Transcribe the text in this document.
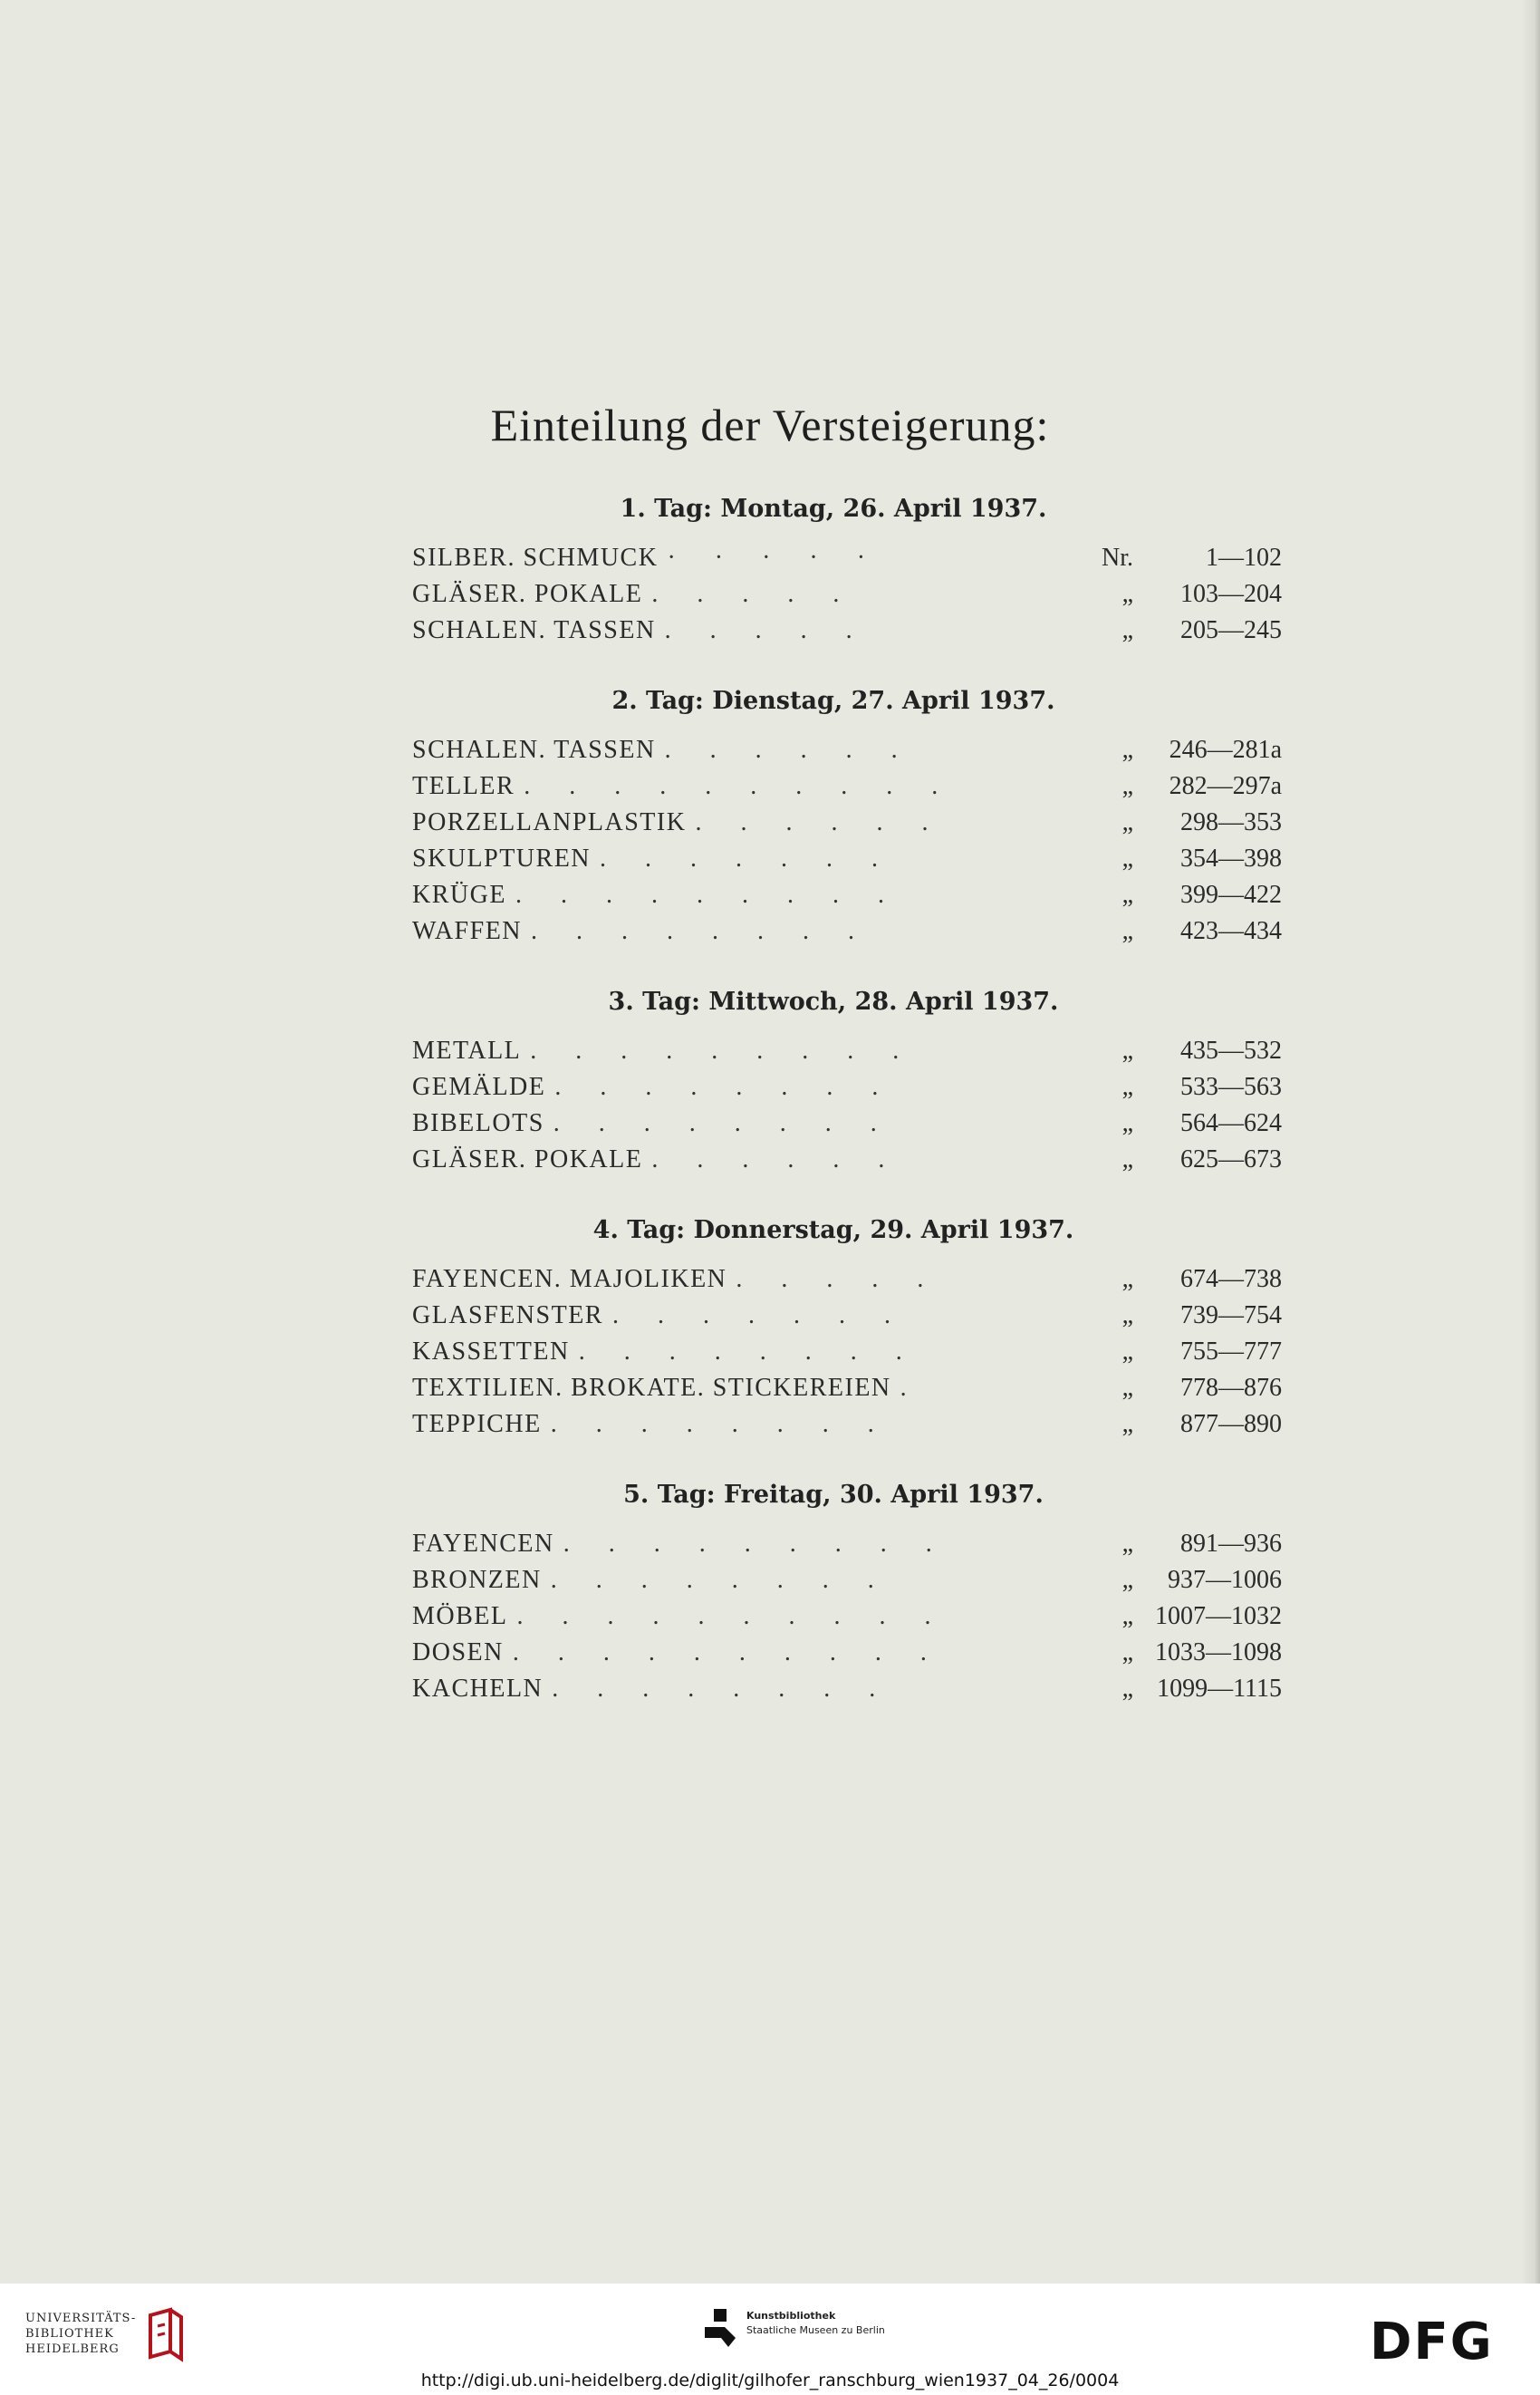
Einteilung der Versteigerung:
1. Tag: Montag, 26. April 1937.
SILBER. SCHMUCK · · · · ·	Nr.	1—102
GLÄSER. POKALE . . . . .	„	103—204
SCHALEN. TASSEN . . . . .	„	205—245
2. Tag: Dienstag, 27. April 1937.
SCHALEN. TASSEN . . . . . .	„	246—281a
TELLER . . . . . . . . . .	„	282—297a
PORZELLANPLASTIK . . . . . .	„	298—353
SKULPTUREN . . . . . . .	„	354—398
KRÜGE . . . . . . . . .	„	399—422
WAFFEN . . . . . . . .	„	423—434
3. Tag: Mittwoch, 28. April 1937.
METALL . . . . . . . . .	„	435—532
GEMÄLDE . . . . . . . .	„	533—563
BIBELOTS . . . . . . . .	„	564—624
GLÄSER. POKALE . . . . . .	„	625—673
4. Tag: Donnerstag, 29. April 1937.
FAYENCEN. MAJOLIKEN . . . . .	„	674—738
GLASFENSTER . . . . . . .	„	739—754
KASSETTEN . . . . . . . .	„	755—777
TEXTILIEN. BROKATE. STICKEREIEN .	„	778—876
TEPPICHE . . . . . . . .	„	877—890
5. Tag: Freitag, 30. April 1937.
FAYENCEN . . . . . . . . .	„	891—936
BRONZEN . . . . . . . .	„	937—1006
MÖBEL . . . . . . . . . .	„ 1007—1032
DOSEN . . . . . . . . . .	„ 1033—1098
KACHELN . . . . . . . .	„ 1099—1115
UNIVERSITÄTS-
BIBLIOTHEK
HEIDELBERG
Kunstbibliothek
Staatliche Museen zu Berlin	DFG
http://digi.ub.uni-heidelberg.de/diglit/gilhofer_ranschburg_wien1937_04_26/0004
